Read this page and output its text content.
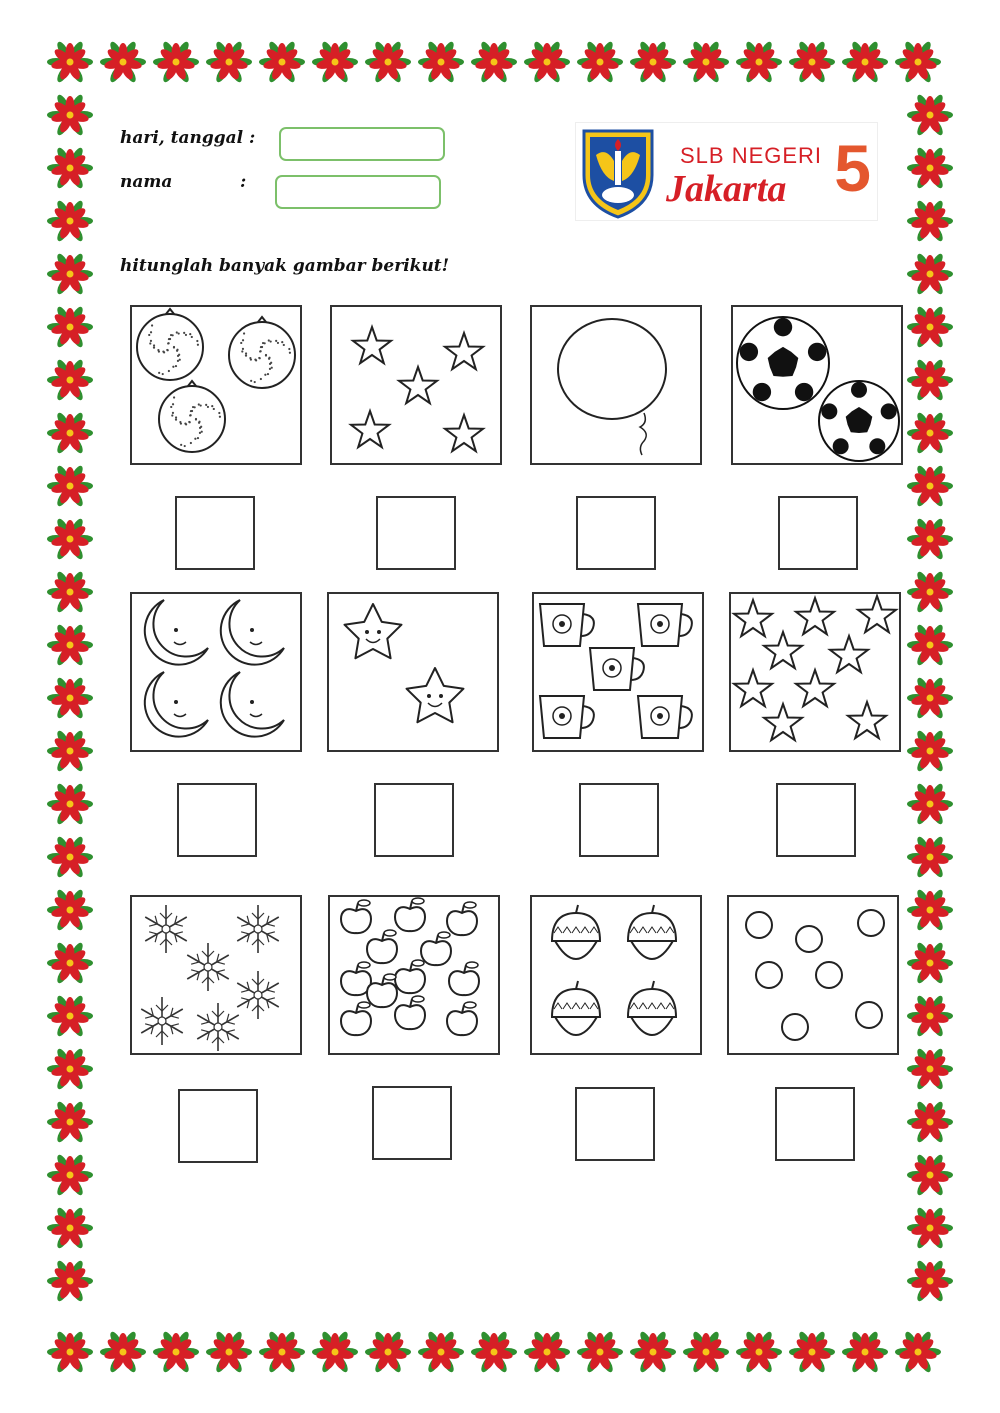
hari, tanggal :
nama	:
SLB NEGERI
Jakarta 5
hitunglah banyak gambar berikut!
